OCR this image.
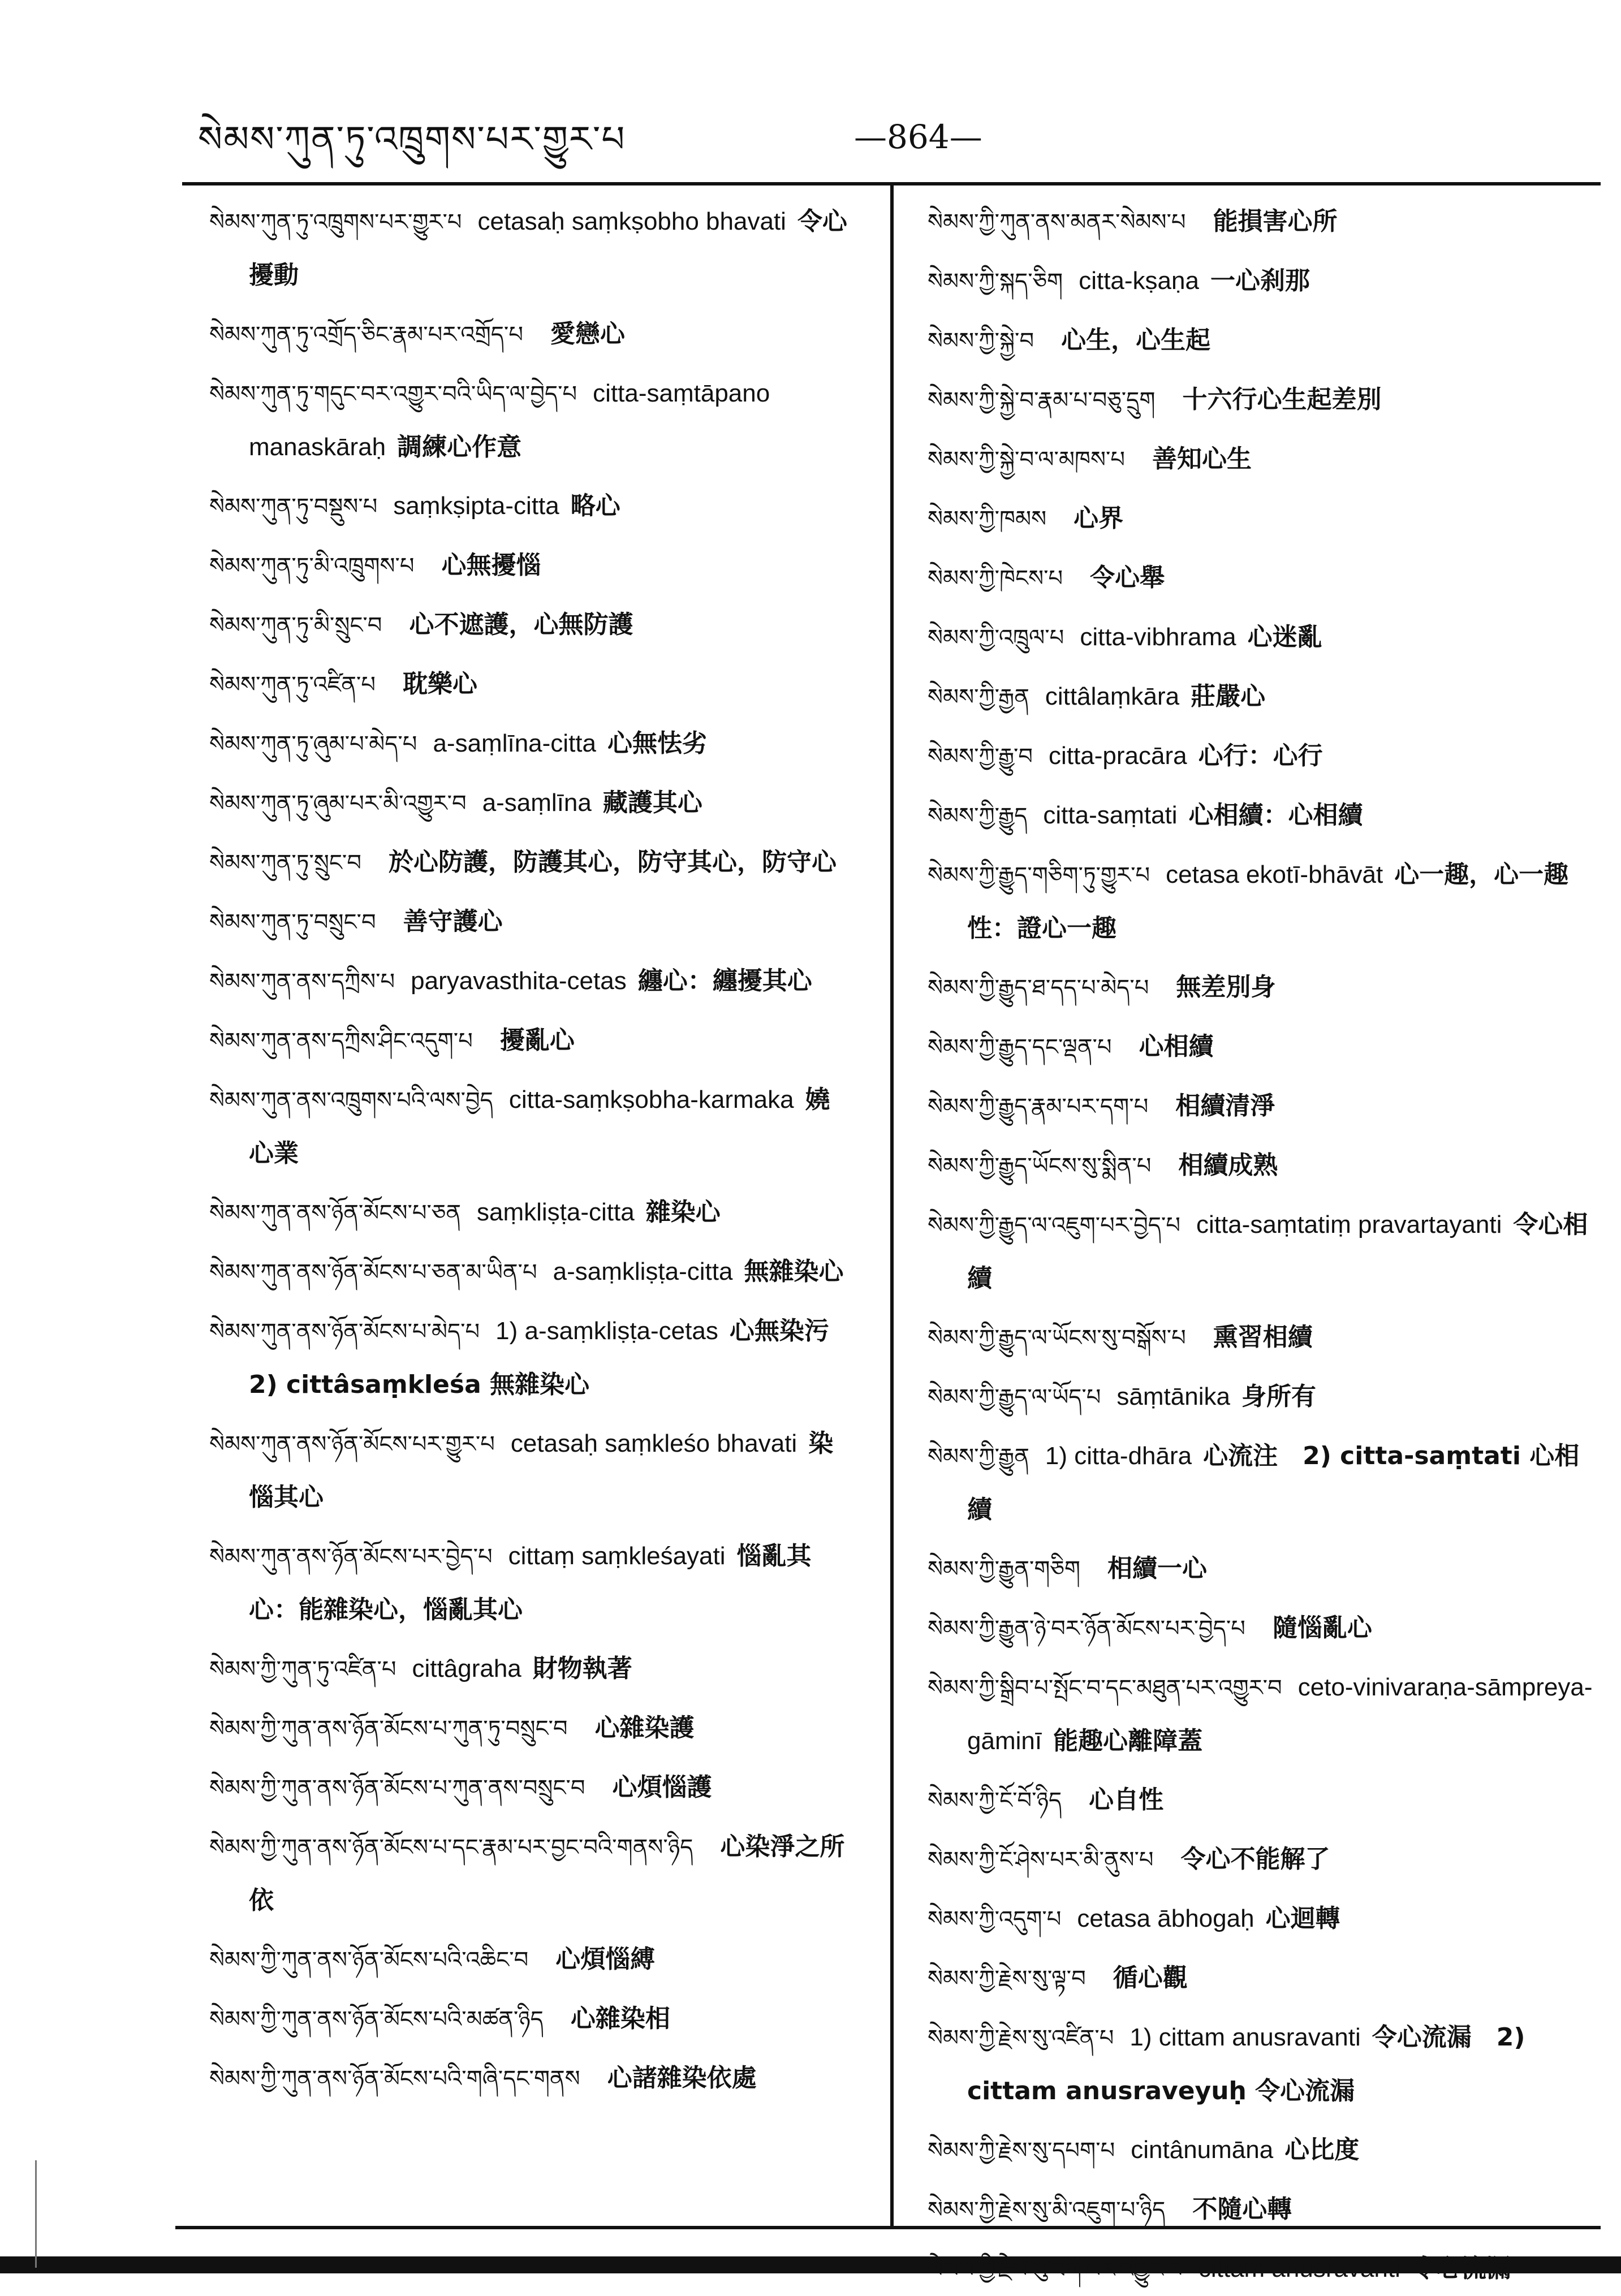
སེམས་ཀུན་ཏུ་འཁྲུགས་པར་གྱུར་པ	—864—
སེམས་ཀུན་ཏུ་འཁྲུགས་པར་གྱུར་པ cetasaḥ saṃkṣobho bhavati 令心擾動
སེམས་ཀུན་ཏུ་འགྲོད་ཅིང་རྣམ་པར་འགྲོད་པ 愛戀心
སེམས་ཀུན་ཏུ་གདུང་བར་འགྱུར་བའི་ཡིད་ལ་བྱེད་པ citta-saṃtāpano manaskāraḥ 調練心作意
སེམས་ཀུན་ཏུ་བསྡུས་པ saṃkṣipta-citta 略心
སེམས་ཀུན་ཏུ་མི་འཁྲུགས་པ 心無擾惱
སེམས་ཀུན་ཏུ་མི་སྲུང་བ 心不遮護，心無防護
སེམས་ཀུན་ཏུ་འཛིན་པ 耽樂心
སེམས་ཀུན་ཏུ་ཞུམ་པ་མེད་པ a-saṃlīna-citta 心無怯劣
སེམས་ཀུན་ཏུ་ཞུམ་པར་མི་འགྱུར་བ a-saṃlīna 藏護其心
སེམས་ཀུན་ཏུ་སྲུང་བ 於心防護，防護其心，防守其心，防守心
སེམས་ཀུན་ཏུ་བསྲུང་བ 善守護心
སེམས་ཀུན་ནས་དཀྲིས་པ paryavasthita-cetas 纏心：纏擾其心
སེམས་ཀུན་ནས་དཀྲིས་ཤིང་འདུག་པ 擾亂心
སེམས་ཀུན་ནས་འཁྲུགས་པའི་ལས་བྱེད citta-saṃkṣobha-karmaka 嬈心業
སེམས་ཀུན་ནས་ཉོན་མོངས་པ་ཅན saṃkliṣṭa-citta 雜染心
སེམས་ཀུན་ནས་ཉོན་མོངས་པ་ཅན་མ་ཡིན་པ a-saṃkliṣṭa-citta 無雜染心
སེམས་ཀུན་ནས་ཉོན་མོངས་པ་མེད་པ 1) a-saṃkliṣṭa-cetas 心無染污　2) cittâsaṃkleśa 無雜染心
སེམས་ཀུན་ནས་ཉོན་མོངས་པར་གྱུར་པ cetasaḥ saṃkleśo bhavati 染惱其心
སེམས་ཀུན་ནས་ཉོན་མོངས་པར་བྱེད་པ cittaṃ saṃkleśayati 惱亂其心：能雜染心，惱亂其心
སེམས་ཀྱི་ཀུན་ཏུ་འཛིན་པ cittâgraha 財物執著
སེམས་ཀྱི་ཀུན་ནས་ཉོན་མོངས་པ་ཀུན་ཏུ་བསྲུང་བ 心雜染護
སེམས་ཀྱི་ཀུན་ནས་ཉོན་མོངས་པ་ཀུན་ནས་བསྲུང་བ 心煩惱護
སེམས་ཀྱི་ཀུན་ནས་ཉོན་མོངས་པ་དང་རྣམ་པར་བྱང་བའི་གནས་ཉིད 心染淨之所依
སེམས་ཀྱི་ཀུན་ནས་ཉོན་མོངས་པའི་འཆིང་བ 心煩惱縛
སེམས་ཀྱི་ཀུན་ནས་ཉོན་མོངས་པའི་མཚན་ཉིད 心雜染相
སེམས་ཀྱི་ཀུན་ནས་ཉོན་མོངས་པའི་གཞི་དང་གནས 心諸雜染依處
སེམས་ཀྱི་ཀུན་ནས་མནར་སེམས་པ 能損害心所
སེམས་ཀྱི་སྐད་ཅིག citta-kṣaṇa 一心刹那
སེམས་ཀྱི་སྐྱེ་བ 心生，心生起
སེམས་ཀྱི་སྐྱེ་བ་རྣམ་པ་བཅུ་དྲུག 十六行心生起差別
སེམས་ཀྱི་སྐྱེ་བ་ལ་མཁས་པ 善知心生
སེམས་ཀྱི་ཁམས 心界
སེམས་ཀྱི་ཁེངས་པ 令心舉
སེམས་ཀྱི་འཁྲུལ་པ citta-vibhrama 心迷亂
སེམས་ཀྱི་རྒྱན cittâlaṃkāra 莊嚴心
སེམས་ཀྱི་རྒྱུ་བ citta-pracāra 心行：心行
སེམས་ཀྱི་རྒྱུད citta-saṃtati 心相續：心相續
སེམས་ཀྱི་རྒྱུད་གཅིག་ཏུ་གྱུར་པ cetasa ekotī-bhāvāt 心一趣，心一趣性：證心一趣
སེམས་ཀྱི་རྒྱུད་ཐ་དད་པ་མེད་པ 無差別身
སེམས་ཀྱི་རྒྱུད་དང་ལྡན་པ 心相續
སེམས་ཀྱི་རྒྱུད་རྣམ་པར་དག་པ 相續清淨
སེམས་ཀྱི་རྒྱུད་ཡོངས་སུ་སྨིན་པ 相續成熟
སེམས་ཀྱི་རྒྱུད་ལ་འཇུག་པར་བྱེད་པ citta-saṃtatiṃ pravartayanti 令心相續
སེམས་ཀྱི་རྒྱུད་ལ་ཡོངས་སུ་བསྒོས་པ 熏習相續
སེམས་ཀྱི་རྒྱུད་ལ་ཡོད་པ sāṃtānika 身所有
སེམས་ཀྱི་རྒྱུན 1) citta-dhāra 心流注　2) citta-saṃtati 心相續
སེམས་ཀྱི་རྒྱུན་གཅིག 相續一心
སེམས་ཀྱི་རྒྱུན་ཉེ་བར་ཉོན་མོངས་པར་བྱེད་པ 隨惱亂心
སེམས་ཀྱི་སྒྲིབ་པ་སྤོང་བ་དང་མཐུན་པར་འགྱུར་བ ceto-vinivaraṇa-sāmpreya-gāminī 能趣心離障蓋
སེམས་ཀྱི་ངོ་བོ་ཉིད 心自性
སེམས་ཀྱི་ངོ་ཤེས་པར་མི་ནུས་པ 令心不能解了
སེམས་ཀྱི་འདུག་པ cetasa ābhogaḥ 心迴轉
སེམས་ཀྱི་རྗེས་སུ་ལྟ་བ 循心觀
སེམས་ཀྱི་རྗེས་སུ་འཛིན་པ 1) cittam anusravanti 令心流漏　2) cittam anusraveyuḥ 令心流漏
སེམས་ཀྱི་རྗེས་སུ་དཔག་པ cintânumāna 心比度
སེམས་ཀྱི་རྗེས་སུ་མི་འཇུག་པ་ཉིད 不隨心轉
སེམས་ཀྱི་རྗེས་སུ་ཟག་པར་འགྱུར་བ cittam anusravanti 令心流漏
